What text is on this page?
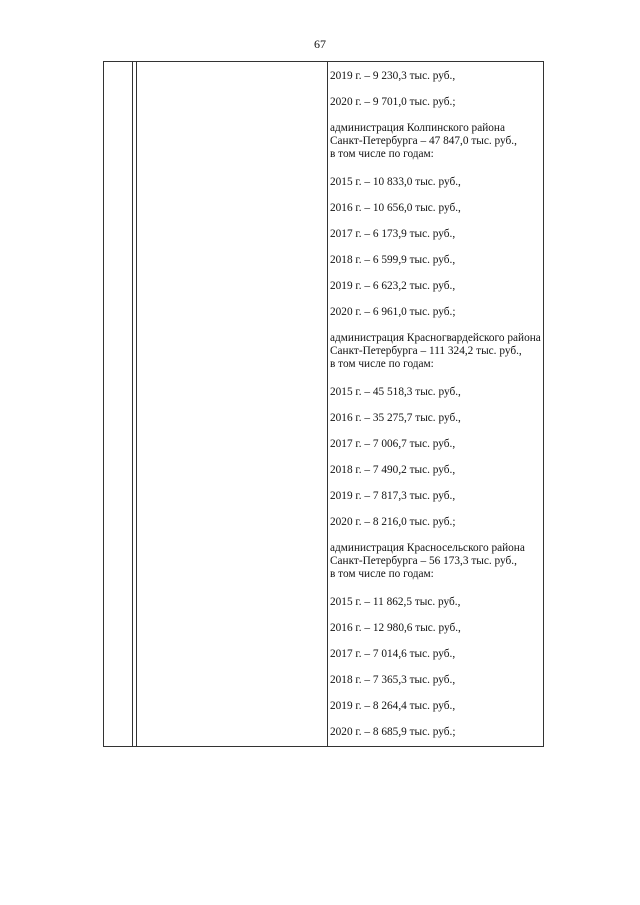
67
2019 г. – 9 230,3 тыс. руб.,
2020 г. – 9 701,0 тыс. руб.;
администрация Колпинского района
Санкт-Петербурга – 47 847,0 тыс. руб.,
в том числе по годам:
2015 г. – 10 833,0 тыс. руб.,
2016 г. – 10 656,0 тыс. руб.,
2017 г. – 6 173,9 тыс. руб.,
2018 г. – 6 599,9 тыс. руб.,
2019 г. – 6 623,2 тыс. руб.,
2020 г. – 6 961,0 тыс. руб.;
администрация Красногвардейского района
Санкт-Петербурга – 111 324,2 тыс. руб.,
в том числе по годам:
2015 г. – 45 518,3 тыс. руб.,
2016 г. – 35 275,7 тыс. руб.,
2017 г. – 7 006,7 тыс. руб.,
2018 г. – 7 490,2 тыс. руб.,
2019 г. – 7 817,3 тыс. руб.,
2020 г. – 8 216,0 тыс. руб.;
администрация Красносельского района
Санкт-Петербурга – 56 173,3 тыс. руб.,
в том числе по годам:
2015 г. – 11 862,5 тыс. руб.,
2016 г. – 12 980,6 тыс. руб.,
2017 г. – 7 014,6 тыс. руб.,
2018 г. – 7 365,3 тыс. руб.,
2019 г. – 8 264,4 тыс. руб.,
2020 г. – 8 685,9 тыс. руб.;
